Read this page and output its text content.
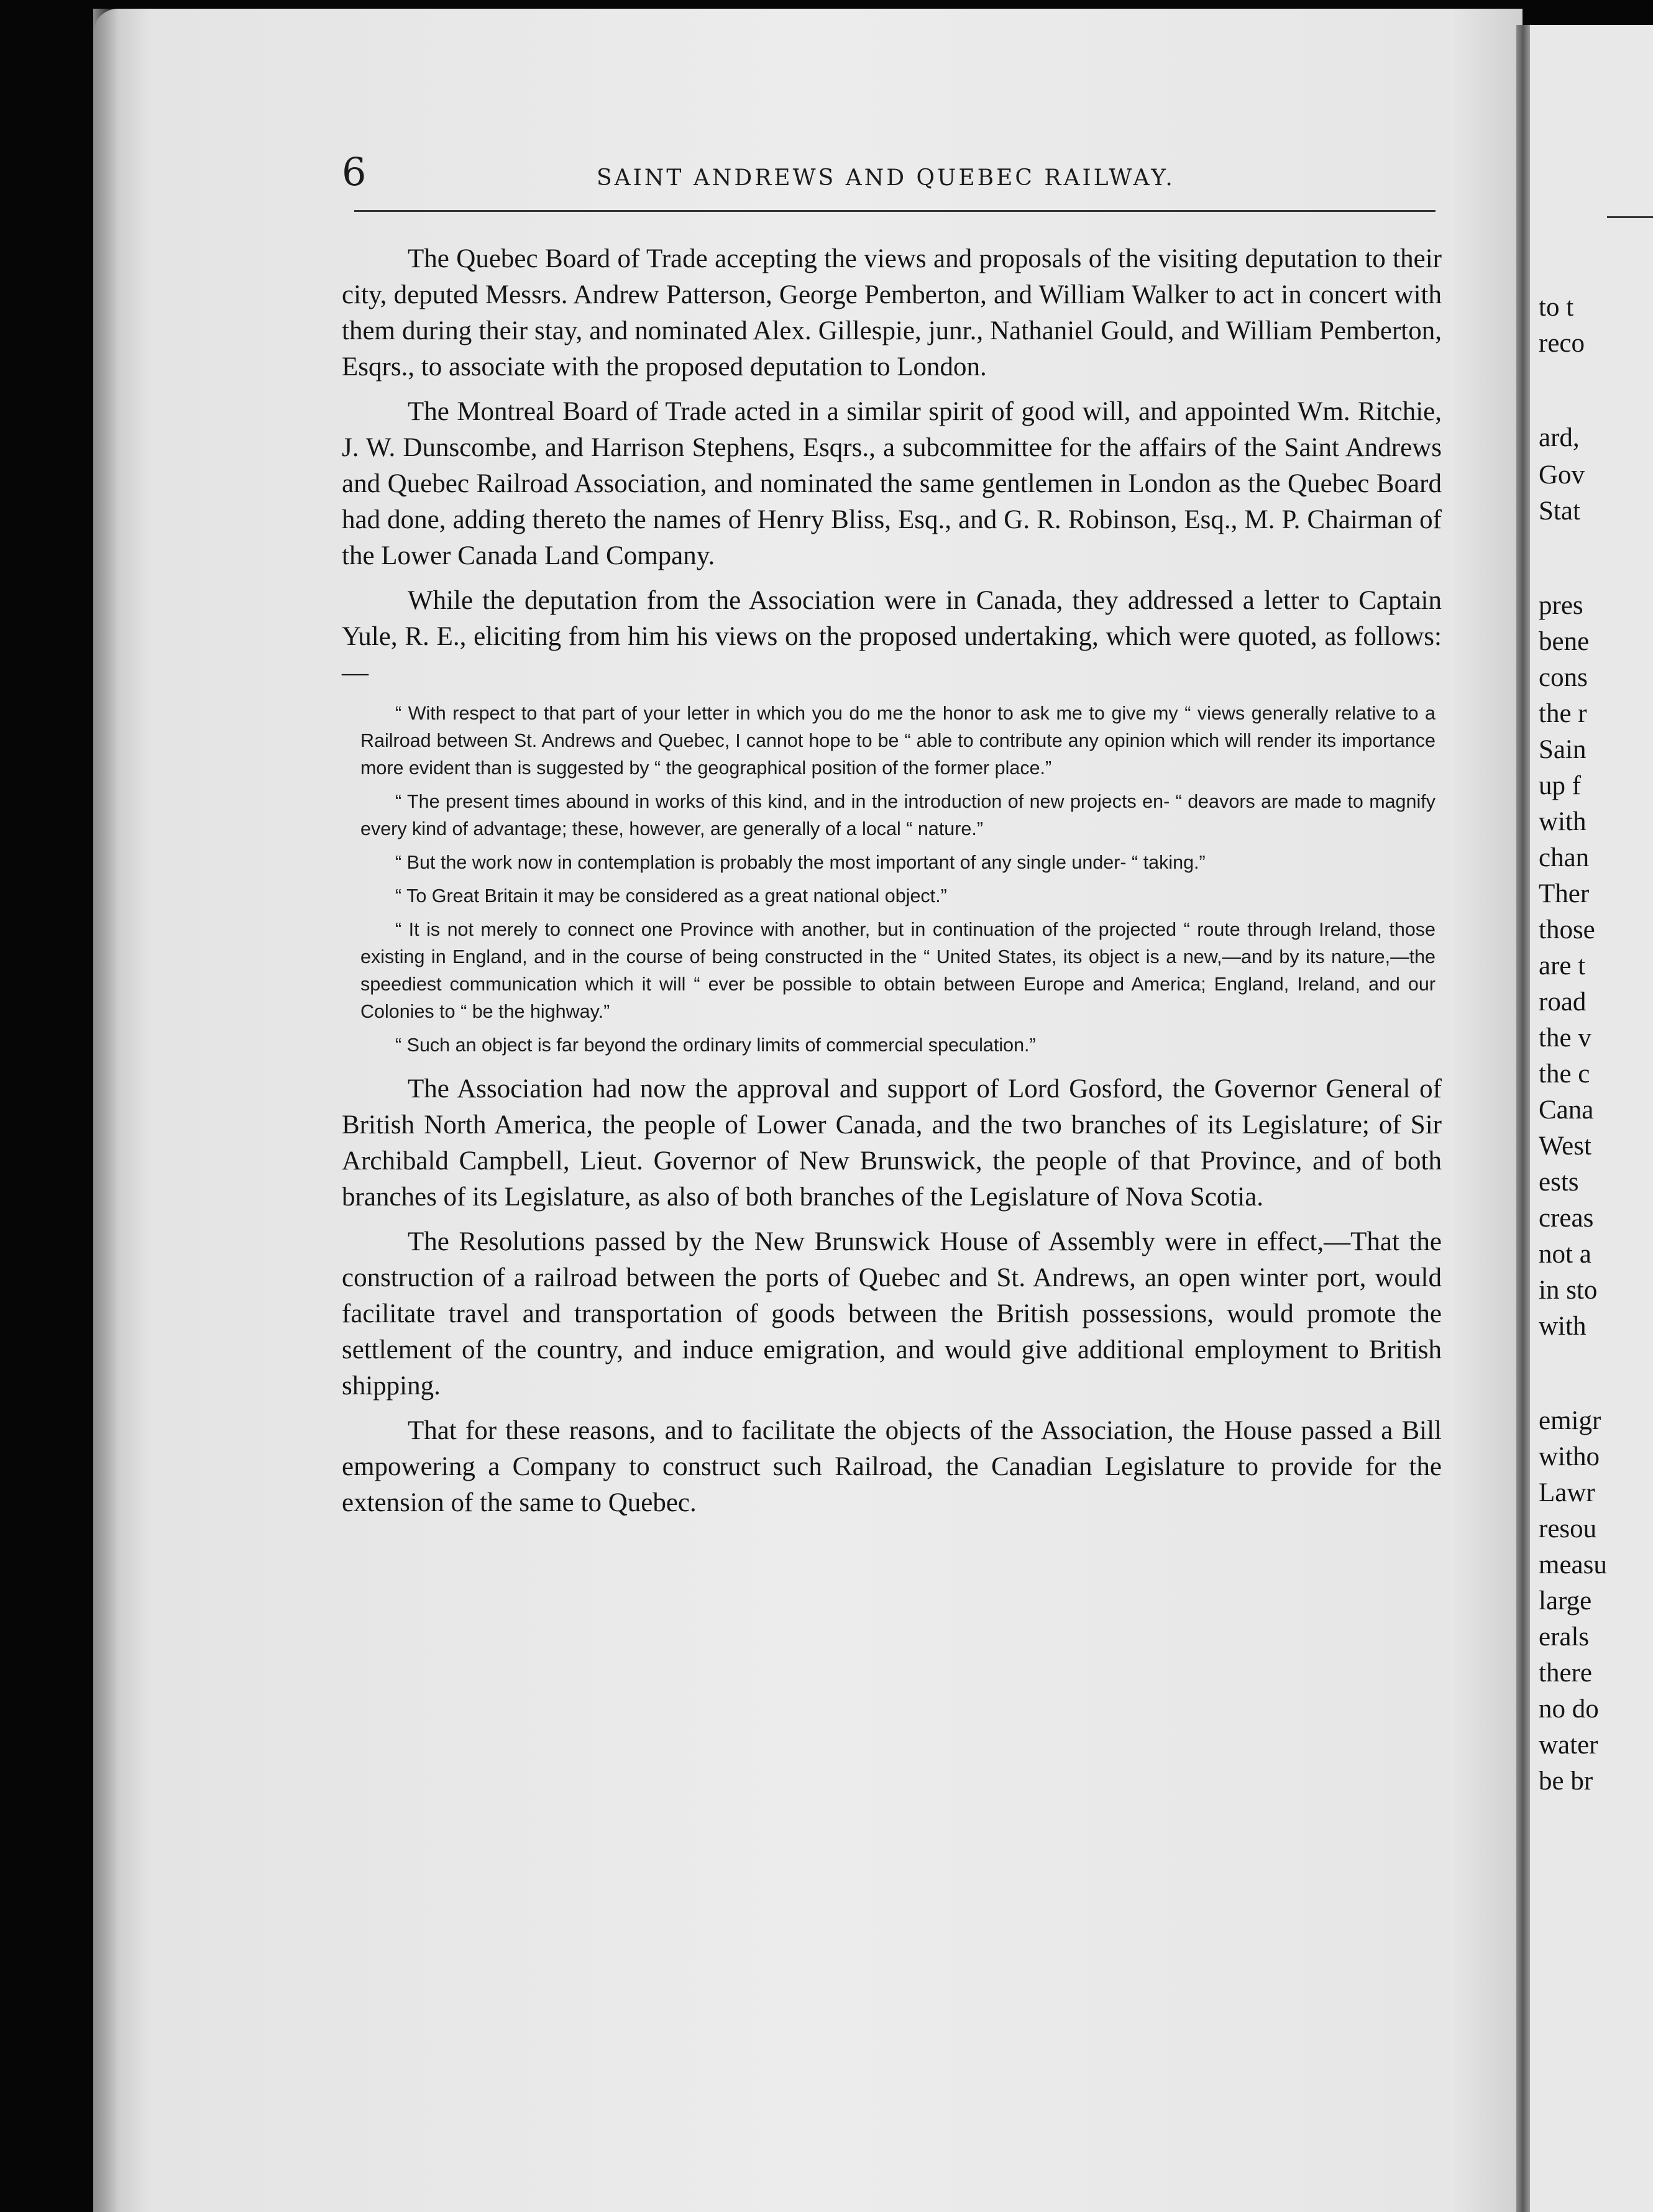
to t
reco
ard,
Gov
Stat
pres
bene
cons
the r
Sain
up f
with
chan
Ther
those
are t
road
the v
the c
Cana
West
ests
creas
not a
in sto
with
emigr
witho
Lawr
resou
measu
large
erals
there
no do
water
be br
6	SAINT ANDREWS AND QUEBEC RAILWAY.

The Quebec Board of Trade accepting the views and proposals of the visiting deputation to their city, deputed Messrs. Andrew Patterson, George Pemberton, and William Walker to act in concert with them during their stay, and nominated Alex. Gillespie, junr., Nathaniel Gould, and William Pemberton, Esqrs., to associate with the proposed deputation to London.

The Montreal Board of Trade acted in a similar spirit of good will, and appointed Wm. Ritchie, J. W. Dunscombe, and Harrison Stephens, Esqrs., a subcommittee for the affairs of the Saint Andrews and Quebec Railroad Association, and nominated the same gentlemen in London as the Quebec Board had done, adding thereto the names of Henry Bliss, Esq., and G. R. Robinson, Esq., M. P. Chairman of the Lower Canada Land Company.

While the deputation from the Association were in Canada, they addressed a letter to Captain Yule, R. E., eliciting from him his views on the proposed undertaking, which were quoted, as follows:—

“ With respect to that part of your letter in which you do me the honor to ask me to give my “ views generally relative to a Railroad between St. Andrews and Quebec, I cannot hope to be “ able to contribute any opinion which will render its importance more evident than is suggested by “ the geographical position of the former place.”

“ The present times abound in works of this kind, and in the introduction of new projects en- “ deavors are made to magnify every kind of advantage; these, however, are generally of a local “ nature.”

“ But the work now in contemplation is probably the most important of any single under- “ taking.”

“ To Great Britain it may be considered as a great national object.”

“ It is not merely to connect one Province with another, but in continuation of the projected “ route through Ireland, those existing in England, and in the course of being constructed in the “ United States, its object is a new,—and by its nature,—the speediest communication which it will “ ever be possible to obtain between Europe and America; England, Ireland, and our Colonies to “ be the highway.”

“ Such an object is far beyond the ordinary limits of commercial speculation.”

The Association had now the approval and support of Lord Gosford, the Governor General of British North America, the people of Lower Canada, and the two branches of its Legislature; of Sir Archibald Campbell, Lieut. Governor of New Brunswick, the people of that Province, and of both branches of its Legislature, as also of both branches of the Legislature of Nova Scotia.

The Resolutions passed by the New Brunswick House of Assembly were in effect,—That the construction of a railroad between the ports of Quebec and St. Andrews, an open winter port, would facilitate travel and transportation of goods between the British possessions, would promote the settlement of the country, and induce emigration, and would give additional employment to British shipping.

That for these reasons, and to facilitate the objects of the Association, the House passed a Bill empowering a Company to construct such Railroad, the Canadian Legislature to provide for the extension of the same to Quebec.
